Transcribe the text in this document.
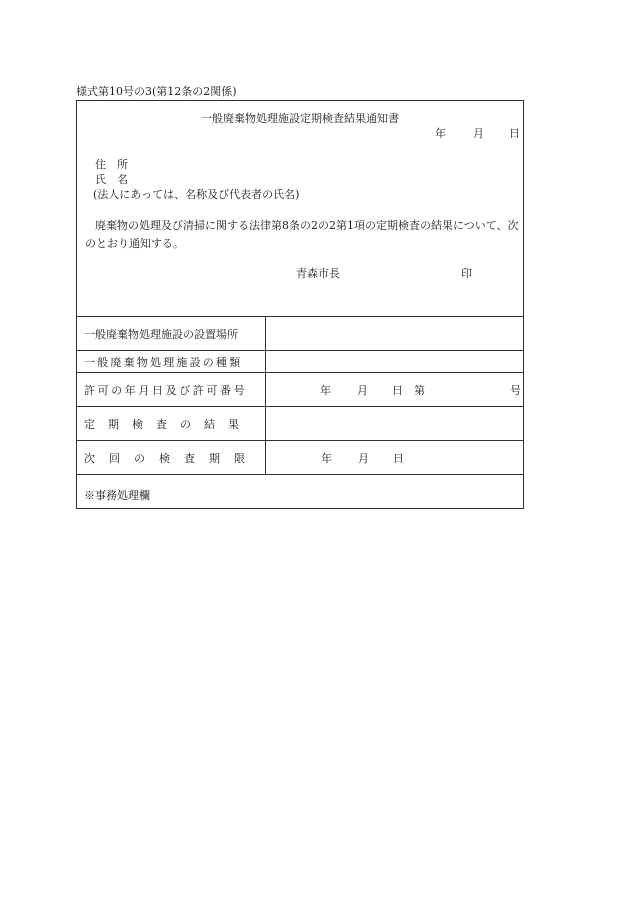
様式第10号の3(第12条の2関係)
一般廃棄物処理施設定期検査結果通知書
年 月 日
住 所
氏 名
(法人にあっては、名称及び代表者の氏名)
廃棄物の処理及び清掃に関する法律第8条の2の2第1項の定期検査の結果について、次のとおり通知する。
青森市長	印
一般廃棄物処理施設の設置場所
一般廃棄物処理施設の種類
許可の年月日及び許可番号	年 月 日 第	号
定期検査の結果
次回の検査期限	年 月 日
※事務処理欄
